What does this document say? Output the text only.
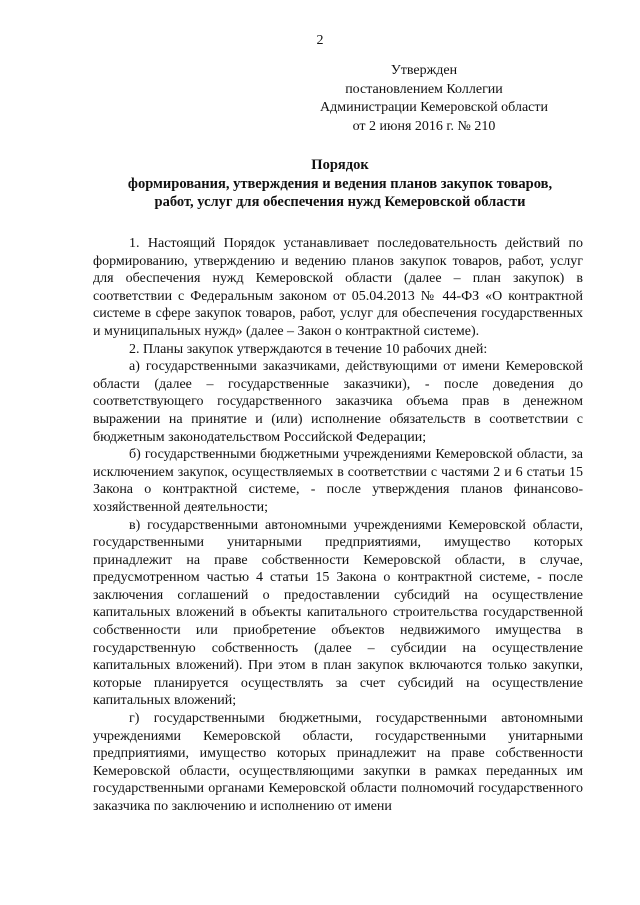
2
Утвержден
постановлением Коллегии
Администрации Кемеровской области
от 2 июня 2016 г. № 210
Порядок
формирования, утверждения и ведения планов закупок товаров,
работ, услуг для обеспечения нужд Кемеровской области

1. Настоящий Порядок устанавливает последовательность действий по формированию, утверждению и ведению планов закупок товаров, работ, услуг для обеспечения нужд Кемеровской области (далее – план закупок) в соответствии с Федеральным законом от 05.04.2013 № 44-ФЗ «О контрактной системе в сфере закупок товаров, работ, услуг для обеспечения государственных и муниципальных нужд» (далее – Закон о контрактной системе).

2. Планы закупок утверждаются в течение 10 рабочих дней:

а) государственными заказчиками, действующими от имени Кемеровской области (далее – государственные заказчики), - после доведения до соответствующего государственного заказчика объема прав в денежном выражении на принятие и (или) исполнение обязательств в соответствии с бюджетным законодательством Российской Федерации;

б) государственными бюджетными учреждениями Кемеровской области, за исключением закупок, осуществляемых в соответствии с частями 2 и 6 статьи 15 Закона о контрактной системе, - после утверждения планов финансово-хозяйственной деятельности;

в) государственными автономными учреждениями Кемеровской области, государственными унитарными предприятиями, имущество которых принадлежит на праве собственности Кемеровской области, в случае, предусмотренном частью 4 статьи 15 Закона о контрактной системе, - после заключения соглашений о предоставлении субсидий на осуществление капитальных вложений в объекты капитального строительства государственной собственности или приобретение объектов недвижимого имущества в государственную собственность (далее – субсидии на осуществление капитальных вложений). При этом в план закупок включаются только закупки, которые планируется осуществлять за счет субсидий на осуществление капитальных вложений;

г) государственными бюджетными, государственными автономными учреждениями Кемеровской области, государственными унитарными предприятиями, имущество которых принадлежит на праве собственности Кемеровской области, осуществляющими закупки в рамках переданных им государственными органами Кемеровской области полномочий государственного заказчика по заключению и исполнению от имени
